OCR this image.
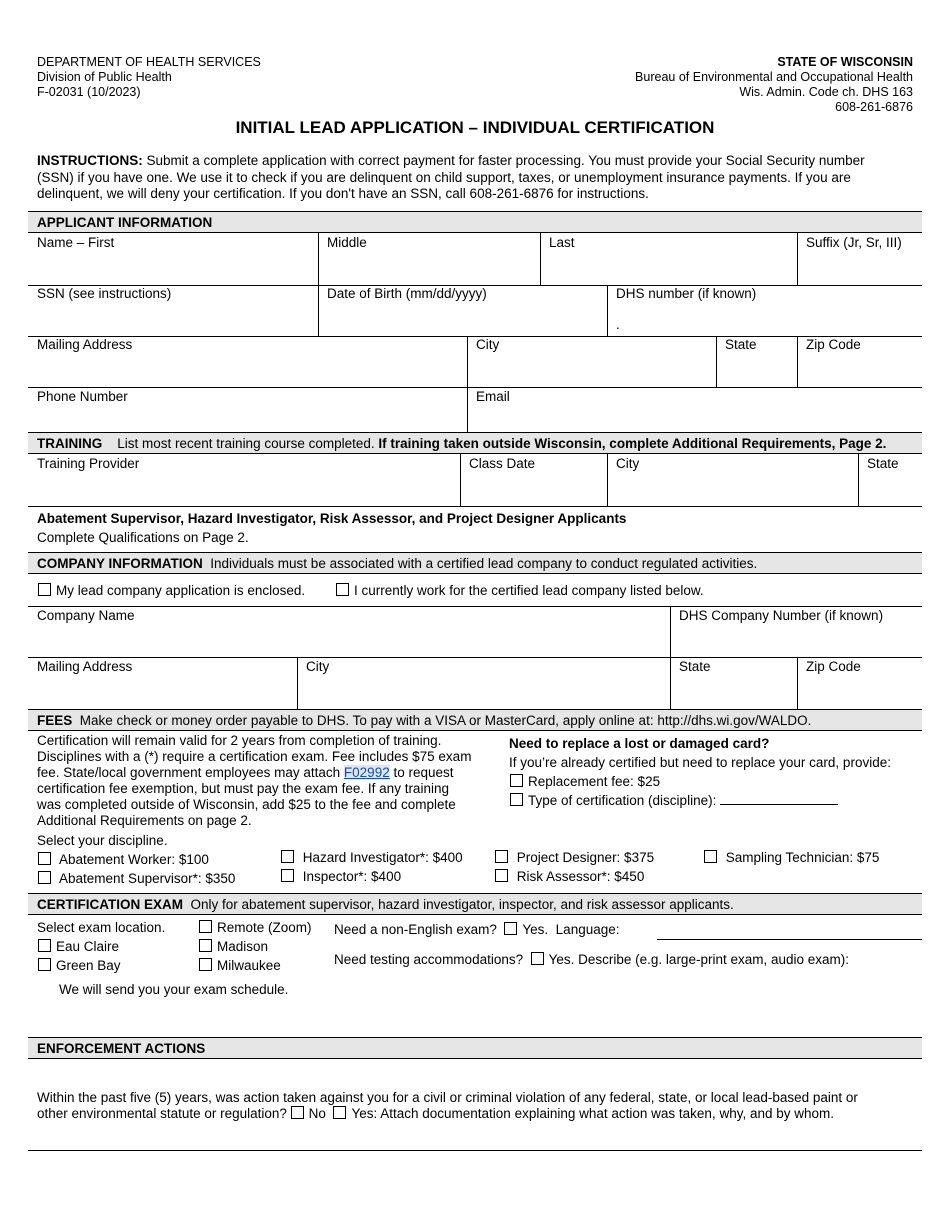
DEPARTMENT OF HEALTH SERVICES
Division of Public Health
F-02031 (10/2023)
STATE OF WISCONSIN
Bureau of Environmental and Occupational Health
Wis. Admin. Code ch. DHS 163
608-261-6876
INITIAL LEAD APPLICATION – INDIVIDUAL CERTIFICATION
INSTRUCTIONS: Submit a complete application with correct payment for faster processing. You must provide your Social Security number
(SSN) if you have one. We use it to check if you are delinquent on child support, taxes, or unemployment insurance payments. If you are
delinquent, we will deny your certification. If you don't have an SSN, call 608-261-6876 for instructions.
APPLICANT INFORMATION
Name – First	Middle	Last	Suffix (Jr, Sr, III)
SSN (see instructions)	Date of Birth (mm/dd/yyyy)	DHS number (if known)
.
Mailing Address	City	State	Zip Code
Phone Number	Email
TRAINING List most recent training course completed. If training taken outside Wisconsin, complete Additional Requirements, Page 2.
Training Provider	Class Date	City	State
Abatement Supervisor, Hazard Investigator, Risk Assessor, and Project Designer Applicants
Complete Qualifications on Page 2.
COMPANY INFORMATION Individuals must be associated with a certified lead company to conduct regulated activities.
My lead company application is enclosed.	I currently work for the certified lead company listed below.
Company Name	DHS Company Number (if known)
Mailing Address	City	State	Zip Code
FEES Make check or money order payable to DHS. To pay with a VISA or MasterCard, apply online at: http://dhs.wi.gov/WALDO.
Certification will remain valid for 2 years from completion of training.
Disciplines with a (*) require a certification exam. Fee includes $75 exam
fee. State/local government employees may attach F02992 to request
certification fee exemption, but must pay the exam fee. If any training
was completed outside of Wisconsin, add $25 to the fee and complete
Additional Requirements on page 2.
Need to replace a lost or damaged card?
If you’re already certified but need to replace your card, provide:
Replacement fee: $25
Type of certification (discipline):
Select your discipline.
Abatement Worker: $100
Abatement Supervisor*: $350
Hazard Investigator*: $400
Inspector*: $400
Project Designer: $375
Risk Assessor*: $450
Sampling Technician: $75
CERTIFICATION EXAM Only for abatement supervisor, hazard investigator, inspector, and risk assessor applicants.
Select exam location.	Remote (Zoom)
Eau Claire	Madison
Green Bay	Milwaukee
Need a non-English exam? Yes. Language:
Need testing accommodations? Yes. Describe (e.g. large-print exam, audio exam):
We will send you your exam schedule.
ENFORCEMENT ACTIONS
Within the past five (5) years, was action taken against you for a civil or criminal violation of any federal, state, or local lead-based paint or
other environmental statute or regulation? No Yes: Attach documentation explaining what action was taken, why, and by whom.
